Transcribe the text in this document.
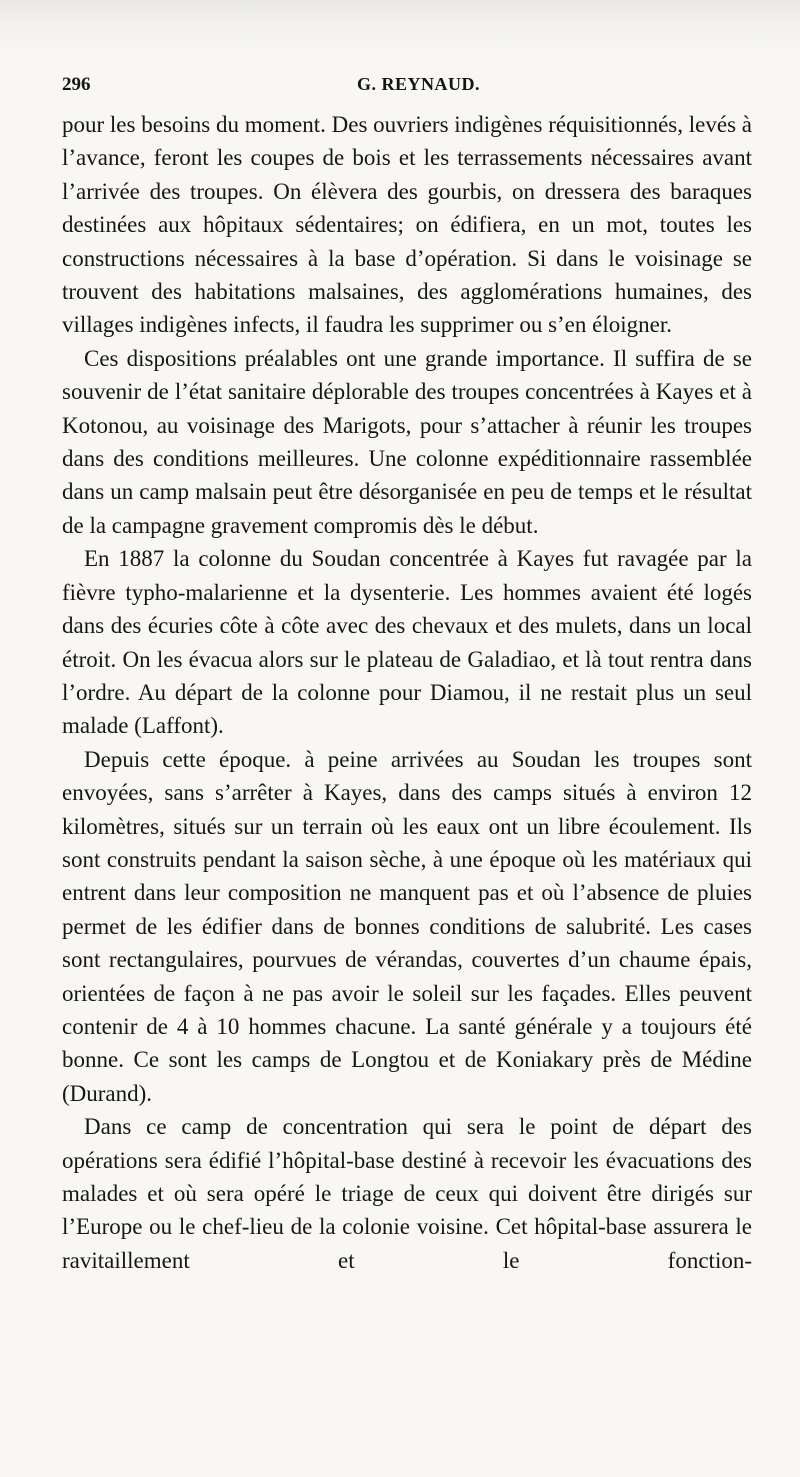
296	G. REYNAUD.

pour les besoins du moment. Des ouvriers indigènes réquisitionnés, levés à l’avance, feront les coupes de bois et les terrassements nécessaires avant l’arrivée des troupes. On élèvera des gourbis, on dressera des baraques destinées aux hôpitaux sédentaires; on édifiera, en un mot, toutes les constructions nécessaires à la base d’opération. Si dans le voisinage se trouvent des habitations malsaines, des agglomérations humaines, des villages indigènes infects, il faudra les supprimer ou s’en éloigner.

Ces dispositions préalables ont une grande importance. Il suffira de se souvenir de l’état sanitaire déplorable des troupes concentrées à Kayes et à Kotonou, au voisinage des Marigots, pour s’attacher à réunir les troupes dans des conditions meilleures. Une colonne expéditionnaire rassemblée dans un camp malsain peut être désorganisée en peu de temps et le résultat de la campagne gravement compromis dès le début.

En 1887 la colonne du Soudan concentrée à Kayes fut ravagée par la fièvre typho-malarienne et la dysenterie. Les hommes avaient été logés dans des écuries côte à côte avec des chevaux et des mulets, dans un local étroit. On les évacua alors sur le plateau de Galadiao, et là tout rentra dans l’ordre. Au départ de la colonne pour Diamou, il ne restait plus un seul malade (Laffont).

Depuis cette époque. à peine arrivées au Soudan les troupes sont envoyées, sans s’arrêter à Kayes, dans des camps situés à environ 12 kilomètres, situés sur un terrain où les eaux ont un libre écoulement. Ils sont construits pendant la saison sèche, à une époque où les matériaux qui entrent dans leur composition ne manquent pas et où l’absence de pluies permet de les édifier dans de bonnes conditions de salubrité. Les cases sont rectangulaires, pourvues de vérandas, couvertes d’un chaume épais, orientées de façon à ne pas avoir le soleil sur les façades. Elles peuvent contenir de 4 à 10 hommes chacune. La santé générale y a toujours été bonne. Ce sont les camps de Longtou et de Koniakary près de Médine (Durand).

Dans ce camp de concentration qui sera le point de départ des opérations sera édifié l’hôpital-base destiné à recevoir les évacuations des malades et où sera opéré le triage de ceux qui doivent être dirigés sur l’Europe ou le chef-lieu de la colonie voisine. Cet hôpital-base assurera le ravitaillement et le fonction-
